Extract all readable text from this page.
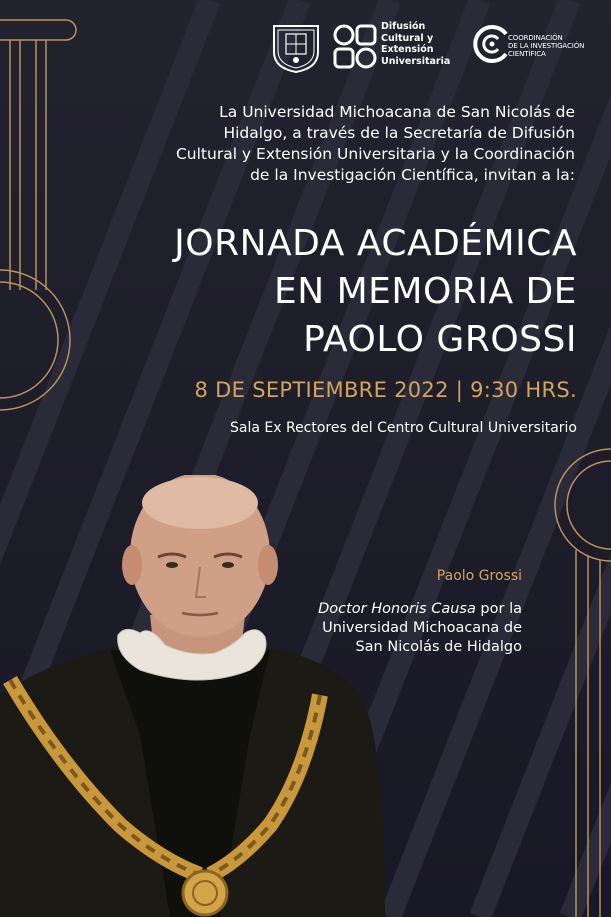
Difusión
Cultural y
Extensión
Universitaria
COORDINACIÓN
DE LA INVESTIGACIÓN
CIENTÍFICA
La Universidad Michoacana de San Nicolás de
Hidalgo, a través de la Secretaría de Difusión
Cultural y Extensión Universitaria y la Coordinación
de la Investigación Científica, invitan a la:
JORNADA ACADÉMICA
EN MEMORIA DE
PAOLO GROSSI
8 DE SEPTIEMBRE 2022 | 9:30 HRS.
Sala Ex Rectores del Centro Cultural Universitario
Paolo Grossi
Doctor Honoris Causa por la
Universidad Michoacana de
San Nicolás de Hidalgo
